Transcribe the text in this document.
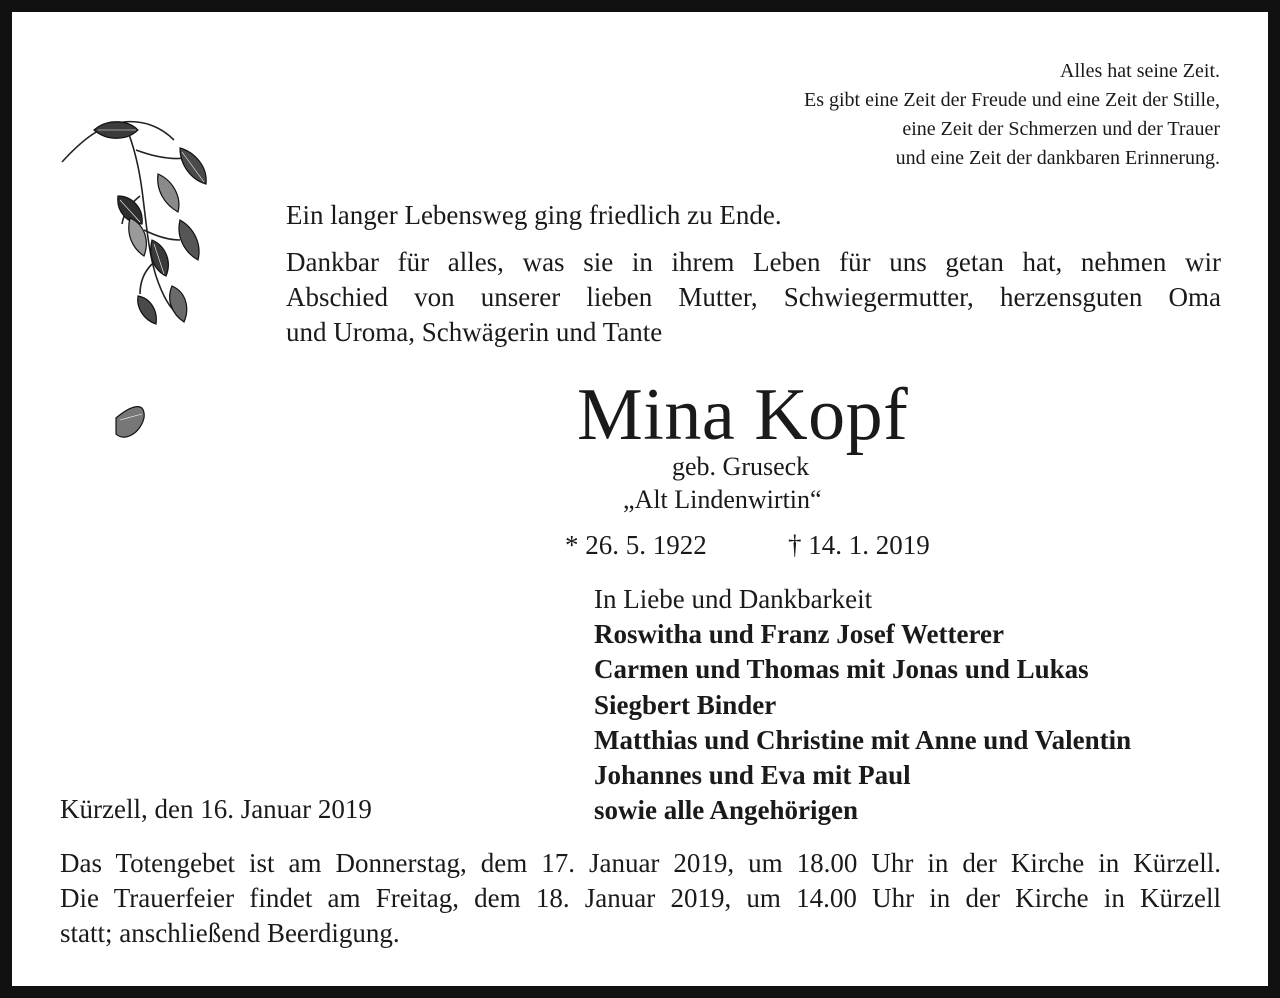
Alles hat seine Zeit.
Es gibt eine Zeit der Freude und eine Zeit der Stille,
eine Zeit der Schmerzen und der Trauer
und eine Zeit der dankbaren Erinnerung.
Ein langer Lebensweg ging friedlich zu Ende.
Dankbar für alles, was sie in ihrem Leben für uns getan hat, nehmen wir
Abschied von unserer lieben Mutter, Schwiegermutter, herzensguten Oma
und Uroma, Schwägerin und Tante
Mina Kopf
geb. Gruseck
„Alt Lindenwirtin“
* 26. 5. 1922	† 14. 1. 2019
In Liebe und Dankbarkeit
Roswitha und Franz Josef Wetterer
Carmen und Thomas mit Jonas und Lukas
Siegbert Binder
Matthias und Christine mit Anne und Valentin
Johannes und Eva mit Paul
sowie alle Angehörigen
Kürzell, den 16. Januar 2019
Das Totengebet ist am Donnerstag, dem 17. Januar 2019, um 18.00 Uhr in der Kirche in Kürzell.
Die Trauerfeier findet am Freitag, dem 18. Januar 2019, um 14.00 Uhr in der Kirche in Kürzell
statt; anschließend Beerdigung.
